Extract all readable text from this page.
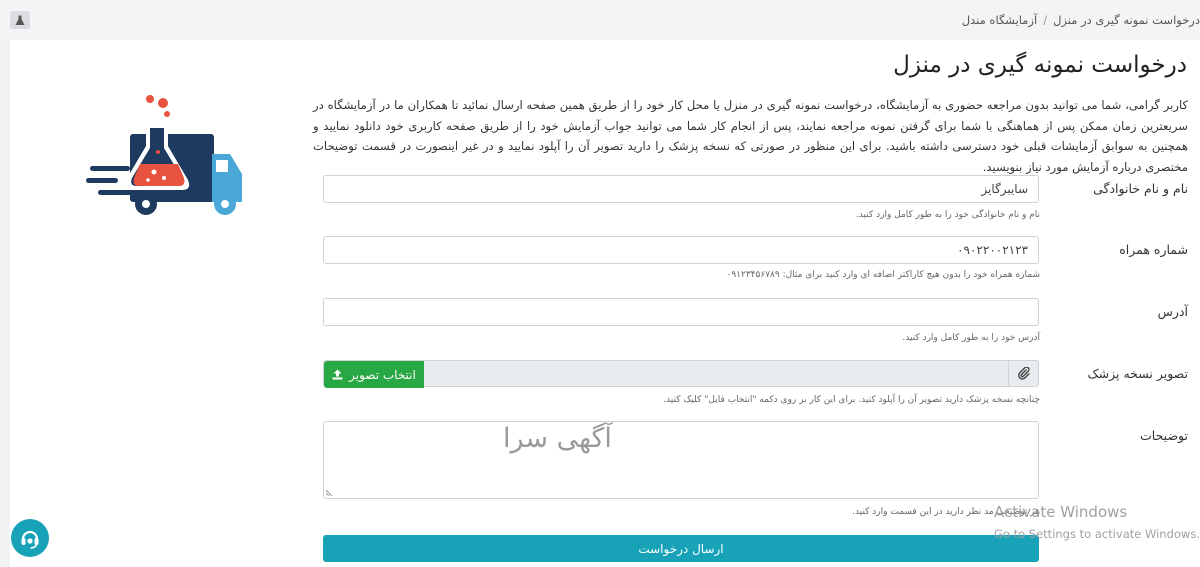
درخواست نمونه گیری در منزل/آزمایشگاه مندل
درخواست نمونه گیری در منزل
کاربر گرامی، شما می توانید بدون مراجعه حضوری به آزمایشگاه، درخواست نمونه گیری در منزل یا محل کار خود را از طریق همین صفحه ارسال نمائید تا همکاران ما در آزمایشگاه در سریعترین زمان ممکن پس از هماهنگی با شما برای گرفتن نمونه مراجعه نمایند، پس از انجام کار شما می توانید جواب آزمایش خود را از طریق صفحه کاربری خود دانلود نمایید و همچنین به سوابق آزمایشات قبلی خود دسترسی داشته باشید. برای این منظور در صورتی که نسخه پزشک را دارید تصویر آن را آپلود نمایید و در غیر اینصورت در قسمت توضیحات مختصری درباره آزمایش مورد نیاز بنویسید.
نام و نام خانوادگی
سایبرگایز
نام و نام خانوادگی خود را به طور کامل وارد کنید.
شماره همراه
۰۹۰۲۲۰۰۲۱۲۳
شماره همراه خود را بدون هیچ کاراکتر اضافه ای وارد کنید برای مثال: ۰۹۱۲۳۴۵۶۷۸۹
آدرس
آدرس خود را به طور کامل وارد کنید.
تصویر نسخه پزشک
انتخاب تصویر
چنانچه نسخه پزشک دارید تصویر آن را آپلود کنید. برای این کار بر روی دکمه "انتخاب فایل" کلیک کنید.
توضیحات
آگهی سرا
هر توضیحی مد نظر دارید در این قسمت وارد کنید.
ارسال درخواست
Activate Windows
Go to Settings to activate Windows.
